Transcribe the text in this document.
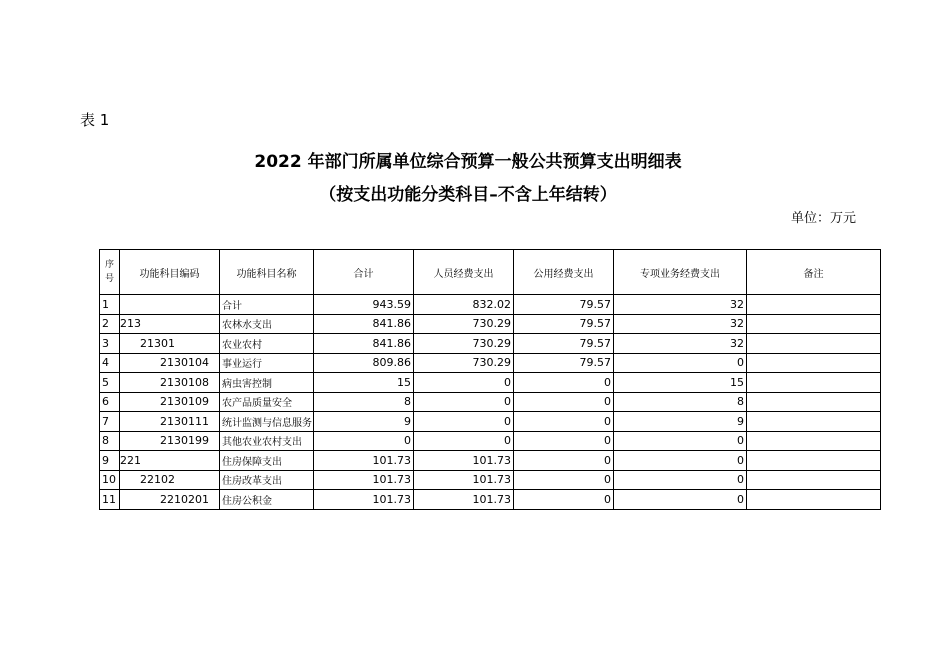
表 1
2022 年部门所属单位综合预算一般公共预算支出明细表
（按支出功能分类科目–不含上年结转）
单位：万元
序
号	功能科目编码	功能科目名称	合计	人员经费支出	公用经费支出	专项业务经费支出	备注
1		合计	943.59	832.02	79.57	32	
2	213	农林水支出	841.86	730.29	79.57	32	
3	21301	农业农村	841.86	730.29	79.57	32	
4	2130104	事业运行	809.86	730.29	79.57	0	
5	2130108	病虫害控制	15	0	0	15	
6	2130109	农产品质量安全	8	0	0	8	
7	2130111	统计监测与信息服务	9	0	0	9	
8	2130199	其他农业农村支出	0	0	0	0	
9	221	住房保障支出	101.73	101.73	0	0	
10	22102	住房改革支出	101.73	101.73	0	0	
11	2210201	住房公积金	101.73	101.73	0	0	
